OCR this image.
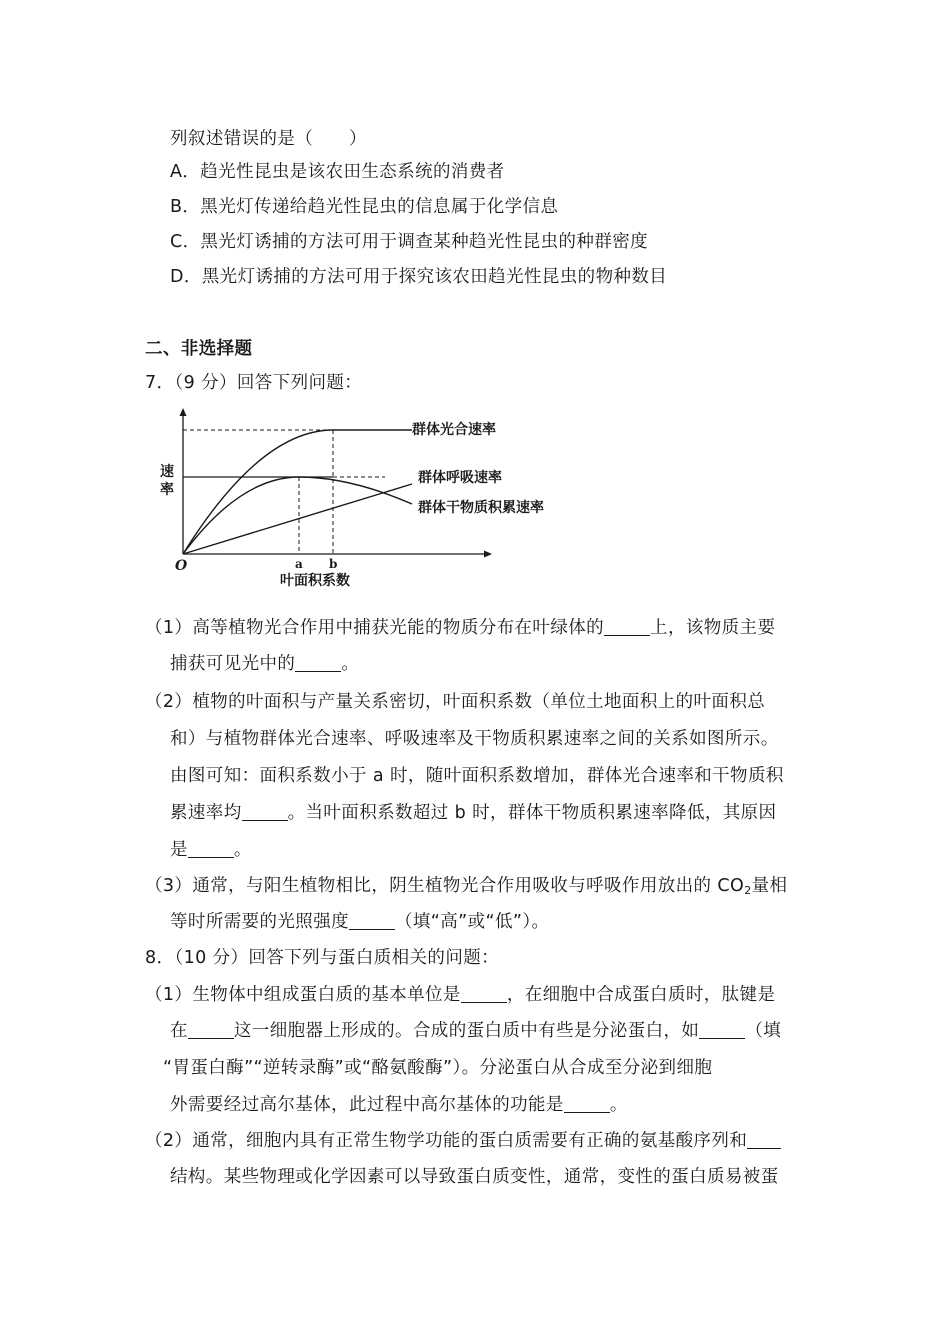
列叙述错误的是（　　）
A．趋光性昆虫是该农田生态系统的消费者
B．黑光灯传递给趋光性昆虫的信息属于化学信息
C．黑光灯诱捕的方法可用于调查某种趋光性昆虫的种群密度
D．黑光灯诱捕的方法可用于探究该农田趋光性昆虫的物种数目
二、非选择题
7．（9 分）回答下列问题：
群体光合速率
群体呼吸速率
群体干物质积累速率
速
率
O	a b
叶面积系数
（1）高等植物光合作用中捕获光能的物质分布在叶绿体的	上，该物质主要
捕获可见光中的	。
（2）植物的叶面积与产量关系密切，叶面积系数（单位土地面积上的叶面积总
和）与植物群体光合速率、呼吸速率及干物质积累速率之间的关系如图所示。
由图可知：面积系数小于 a 时，随叶面积系数增加，群体光合速率和干物质积
累速率均	。当叶面积系数超过 b 时，群体干物质积累速率降低，其原因
是	。
（3）通常，与阳生植物相比，阴生植物光合作用吸收与呼吸作用放出的 $CO_2$量相
等时所需要的光照强度	（填“高”或“低”）。
8．（10 分）回答下列与蛋白质相关的问题：
（1）生物体中组成蛋白质的基本单位是	，在细胞中合成蛋白质时，肽键是
在	这一细胞器上形成的。合成的蛋白质中有些是分泌蛋白，如	（填
“胃蛋白酶”“逆转录酶”或“酪氨酸酶”）。分泌蛋白从合成至分泌到细胞
外需要经过高尔基体，此过程中高尔基体的功能是	。
（2）通常，细胞内具有正常生物学功能的蛋白质需要有正确的氨基酸序列和
结构。某些物理或化学因素可以导致蛋白质变性，通常，变性的蛋白质易被蛋
